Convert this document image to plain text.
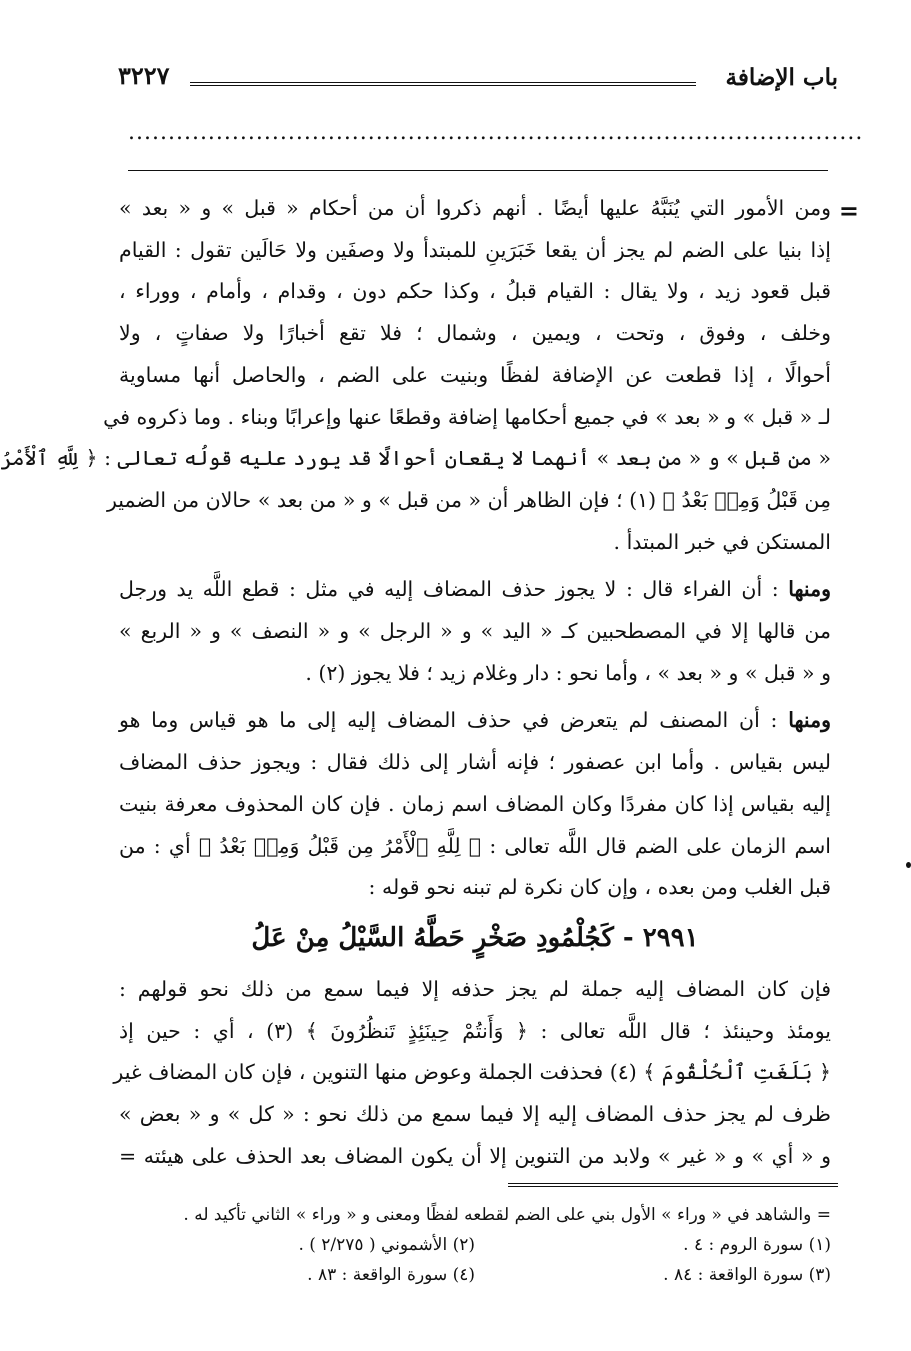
باب الإضافة
٣٢٢٧
............................................................................................
=

ومن الأمور التي يُنَبَّهُ عليها أيضًا . أنهم ذكروا أن من أحكام « قبل » و « بعد »
إذا بنيا على الضم لم يجز أن يقعا خَبَرَينِ للمبتدأ ولا وصفَين ولا حَالَين تقول : القيام
قبل قعود زيد ، ولا يقال : القيام قبلُ ، وكذا حكم دون ، وقدام ، وأمام ، ووراء ،
وخلف ، وفوق ، وتحت ، ويمين ، وشمال ؛ فلا تقع أخبارًا ولا صفاتٍ ، ولا
أحوالًا ، إذا قطعت عن الإضافة لفظًا وبنيت على الضم ، والحاصل أنها مساوية
لـ « قبل » و « بعد » في جميع أحكامها إضافة وقطعًا عنها وإعرابًا وبناء . وما ذكروه في
« من قبل » و « من بعد » أنهما لا يقعان أحوالًا قد يورد عليه قولُه تعالى : ﴿ لِلَّهِ ٱلْأَمْرُ
مِن قَبْلُ وَمِنۢ بَعْدُ ﴾ (١) ؛ فإن الظاهر أن « من قبل » و « من بعد » حالان من الضمير
المستكن في خبر المبتدأ .

ومنها : أن الفراء قال : لا يجوز حذف المضاف إليه في مثل : قطع اللَّه يد ورجل
من قالها إلا في المصطحبين كـ « اليد » و « الرجل » و « النصف » و « الربع »
و « قبل » و « بعد » ، وأما نحو : دار وغلام زيد ؛ فلا يجوز (٢) .

ومنها : أن المصنف لم يتعرض في حذف المضاف إليه إلى ما هو قياس وما هو
ليس بقياس . وأما ابن عصفور ؛ فإنه أشار إلى ذلك فقال : ويجوز حذف المضاف
إليه بقياس إذا كان مفردًا وكان المضاف اسم زمان . فإن كان المحذوف معرفة بنيت
اسم الزمان على الضم قال اللَّه تعالى : ﴿ لِلَّهِ ٱلْأَمْرُ مِن قَبْلُ وَمِنۢ بَعْدُ ﴾ أي : من
قبل الغلب ومن بعده ، وإن كان نكرة لم تبنه نحو قوله :
٢٩٩١ - كَجُلْمُودِ صَخْرٍ حَطَّهُ السَّيْلُ مِنْ عَلُ

فإن كان المضاف إليه جملة لم يجز حذفه إلا فيما سمع من ذلك نحو قولهم :
يومئذ وحينئذ ؛ قال اللَّه تعالى : ﴿ وَأَنتُمْ حِينَئِذٍ تَنظُرُونَ ﴾ (٣) ، أي : حين إذ
﴿ بَلَغَتِ ٱلْحُلْقُومَ ﴾ (٤) فحذفت الجملة وعوض منها التنوين ، فإن كان المضاف غير
ظرف لم يجز حذف المضاف إليه إلا فيما سمع من ذلك نحو : « كل » و « بعض »
و « أي » و « غير » ولابد من التنوين إلا أن يكون المضاف بعد الحذف على هيئته =

= والشاهد في « وراء » الأول بني على الضم لقطعه لفظًا ومعنى و « وراء » الثاني تأكيد له .
(١) سورة الروم : ٤ .
(٢) الأشموني ( ٢/٢٧٥ ) .
(٣) سورة الواقعة : ٨٤ .
(٤) سورة الواقعة : ٨٣ .
